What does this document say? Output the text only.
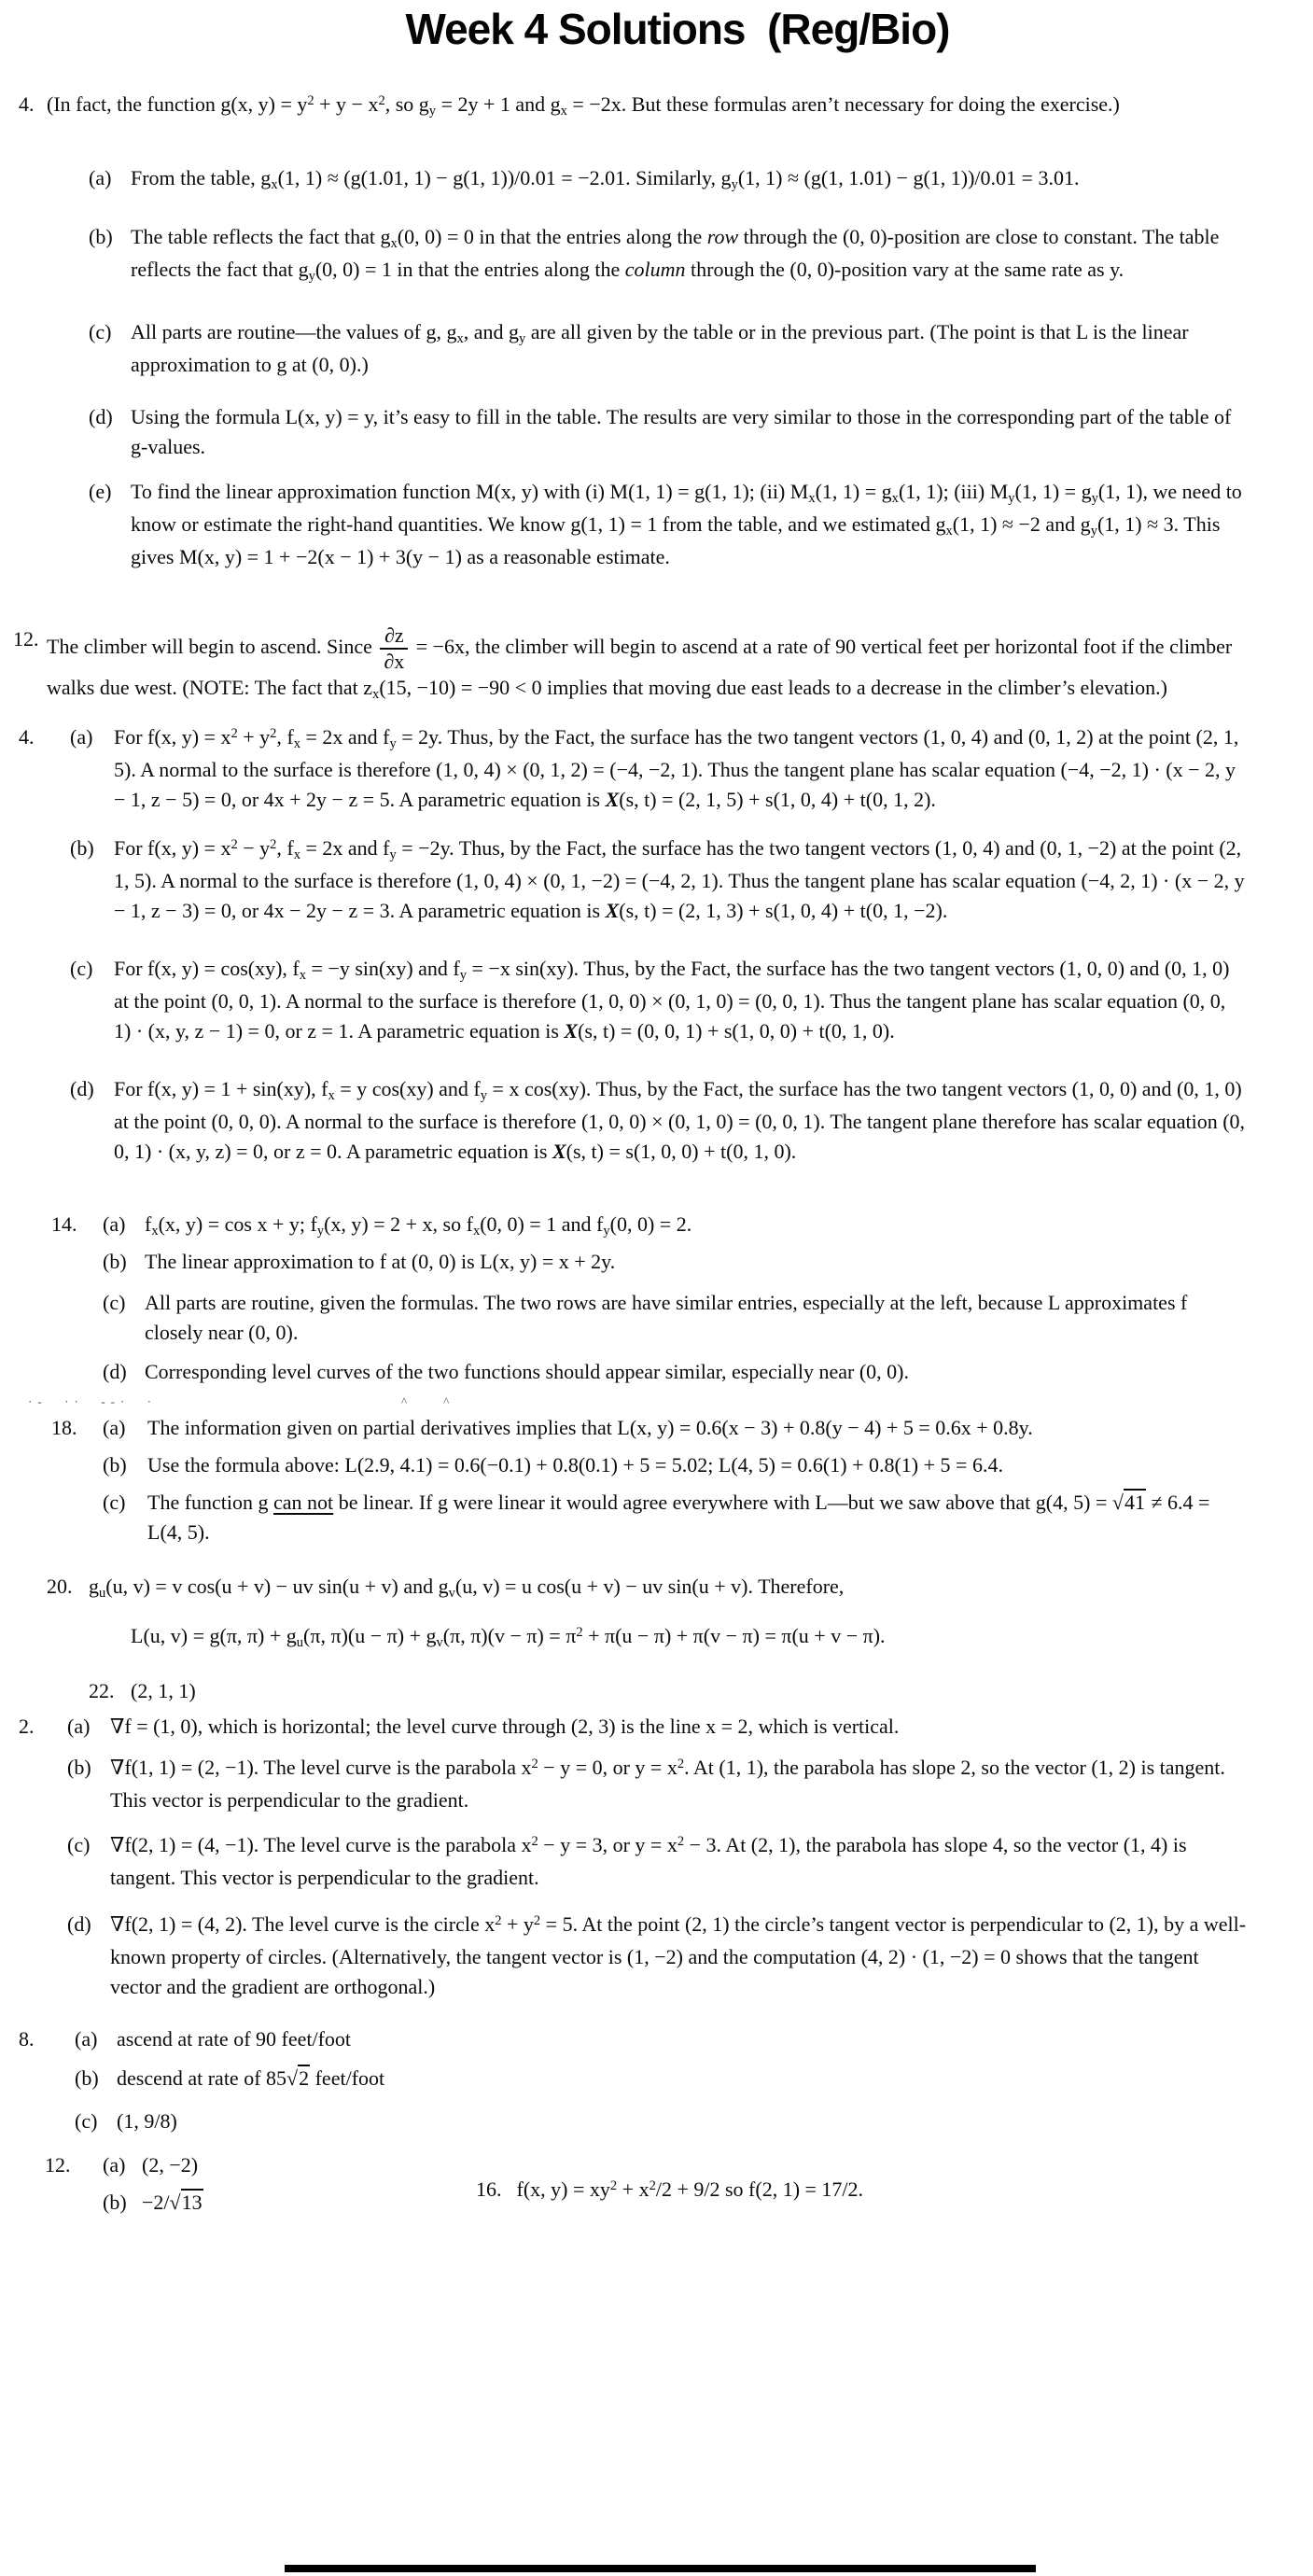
Week 4 Solutions  (Reg/Bio)
4. (In fact, the function g(x, $y) = y^2 + y - x^2$, so $g_y = 2y + 1$ and $g_x = -2x$. But these formulas aren’t necessary for doing the exercise.)

(a) From the table, $g_x(1$, 1) ≈ (g(1.01, 1) − g(1, 1))/0.01 = −2.01. Similarly, $g_y(1$, 1) ≈ (g(1, 1.01) − g(1, 1))/0.01 = 3.01.

(b) The table reflects the fact that $g_x(0$, 0) = 0 in that the entries along the row through the (0, 0)-position are close to constant. The table reflects the fact that $g_y(0$, 0) = 1 in that the entries along the column through the (0, 0)-position vary at the same rate as y.

(c) All parts are routine—the values of g, $g_x$, and $g_y$ are all given by the table or in the previous part. (The point is that L is the linear approximation to g at (0, 0).)

(d) Using the formula L(x, y) = y, it’s easy to fill in the table. The results are very similar to those in the corresponding part of the table of g-values.

(e) To find the linear approximation function M(x, y) with (i) M(1, 1) = g(1, 1); (ii) $M_x(1$, $1) = g_x(1$, 1); (iii) $M_y(1$, $1) = g_y(1$, 1), we need to know or estimate the right-hand quantities. We know g(1, 1) = 1 from the table, and we estimated $g_x(1$, 1) ≈ −2 and $g_y(1$, 1) ≈ 3. This gives M(x, y) = 1 + −2(x − 1) + 3(y − 1) as a reasonable estimate.

12. The climber will begin to ascend. Since $\frac{\partial z}{\partial x} = -6x$, the climber will begin to ascend at a rate of 90 vertical feet per horizontal foot if the climber walks due west. (NOTE: The fact that $z_x(15$, −10) = −90 < 0 implies that moving due east leads to a decrease in the climber’s elevation.)

4. (a) For f(x, $y) = x^2 + y^2$, $f_x = 2x$ and $f_y = 2y$. Thus, by the Fact, the surface has the two tangent vectors (1, 0, 4) and (0, 1, 2) at the point (2, 1, 5). A normal to the surface is therefore (1, 0, 4) × (0, 1, 2) = (−4, −2, 1). Thus the tangent plane has scalar equation (−4, −2, 1) · (x − 2, y − 1, z − 5) = 0, or 4x + 2y − z = 5. A parametric equation is X(s, t) = (2, 1, 5) + s(1, 0, 4) + t(0, 1, 2).

(b) For f(x, $y) = x^2 - y^2$, $f_x = 2x$ and $f_y = -2y$. Thus, by the Fact, the surface has the two tangent vectors (1, 0, 4) and (0, 1, −2) at the point (2, 1, 5). A normal to the surface is therefore (1, 0, 4) × (0, 1, −2) = (−4, 2, 1). Thus the tangent plane has scalar equation (−4, 2, 1) · (x − 2, y − 1, z − 3) = 0, or 4x − 2y − z = 3. A parametric equation is X(s, t) = (2, 1, 3) + s(1, 0, 4) + t(0, 1, −2).

(c) For f(x, y) = cos(xy), $f_x = -y$ sin(xy) and $f_y = -x$ sin(xy). Thus, by the Fact, the surface has the two tangent vectors (1, 0, 0) and (0, 1, 0) at the point (0, 0, 1). A normal to the surface is therefore (1, 0, 0) × (0, 1, 0) = (0, 0, 1). Thus the tangent plane has scalar equation (0, 0, 1) · (x, y, z − 1) = 0, or z = 1. A parametric equation is X(s, t) = (0, 0, 1) + s(1, 0, 0) + t(0, 1, 0).

(d) For f(x, y) = 1 + sin(xy), $f_x = y$ cos(xy) and $f_y = x$ cos(xy). Thus, by the Fact, the surface has the two tangent vectors (1, 0, 0) and (0, 1, 0) at the point (0, 0, 0). A normal to the surface is therefore (1, 0, 0) × (0, 1, 0) = (0, 0, 1). The tangent plane therefore has scalar equation (0, 0, 1) · (x, y, z) = 0, or z = 0. A parametric equation is X(s, t) = s(1, 0, 0) + t(0, 1, 0).

14. (a) $f_x(x$, y) = cos x + y; $f_y(x$, y) = 2 + x, so $f_x(0$, 0) = 1 and $f_y(0$, 0) = 2.

(b) The linear approximation to f at (0, 0) is L(x, y) = x + 2y.

(c) All parts are routine, given the formulas. The two rows are have similar entries, especially at the left, because L approximates f closely near (0, 0).

(d) Corresponding level curves of the two functions should appear similar, especially near (0, 0).

·-  ··  --·  ·	^            ^
18. (a) The information given on partial derivatives implies that L(x, y) = 0.6(x − 3) + 0.8(y − 4) + 5 = 0.6x + 0.8y.

(b) Use the formula above: L(2.9, 4.1) = 0.6(−0.1) + 0.8(0.1) + 5 = 5.02; L(4, 5) = 0.6(1) + 0.8(1) + 5 = 6.4.

(c) The function g can not be linear. If g were linear it would agree everywhere with L—but we saw above that g(4, 5) = √41 ≠ 6.4 = L(4, 5).

20. $g_u(u$, v) = v cos(u + v) − uv sin(u + v) and $g_v(u$, v) = u cos(u + v) − uv sin(u + v). Therefore,

L(u, v) = g(π, $\pi) + g_u(\pi$, $\pi)(u - \pi) + g_v(\pi$, $\pi)(v - \pi) = \pi^2 + \pi(u - \pi) + \pi(v - \pi) = \pi(u + v - \pi)$.

22. (2, 1, 1)

2. (a) ∇f = (1, 0), which is horizontal; the level curve through (2, 3) is the line x = 2, which is vertical.

(b) ∇f(1, 1) = (2, −1). The level curve is the parabola $x^2 - y = 0$, or $y = x^2$. At (1, 1), the parabola has slope 2, so the vector (1, 2) is tangent. This vector is perpendicular to the gradient.

(c) ∇f(2, 1) = (4, −1). The level curve is the parabola $x^2 - y = 3$, or $y = x^2 - 3$. At (2, 1), the parabola has slope 4, so the vector (1, 4) is tangent. This vector is perpendicular to the gradient.

(d) ∇f(2, 1) = (4, 2). The level curve is the circle $x^2 + y^2 = 5$. At the point (2, 1) the circle’s tangent vector is perpendicular to (2, 1), by a well-known property of circles. (Alternatively, the tangent vector is (1, −2) and the computation (4, 2) · (1, −2) = 0 shows that the tangent vector and the gradient are orthogonal.)

8. (a) ascend at rate of 90 feet/foot

(b) descend at rate of 85√2 feet/foot

(c) (1, 9/8)

12. (a) (2, −2)

(b) −2/√13

16. f(x, $y) = xy^2 + x^2/2 + 9/2$ so f(2, 1) = 17/2.
